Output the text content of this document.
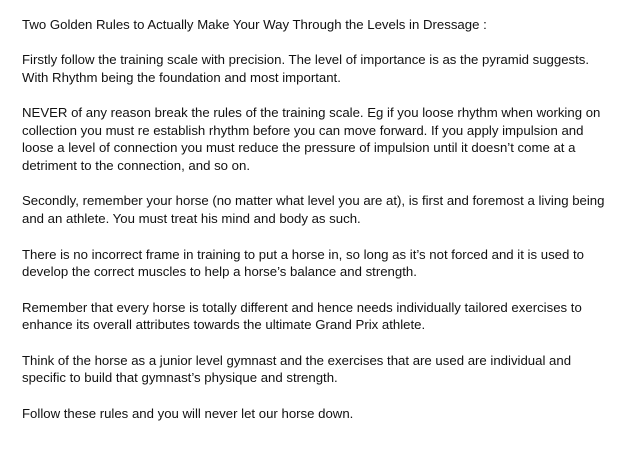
Two Golden Rules to Actually Make Your Way Through the Levels in Dressage :

Firstly follow the training scale with precision. The level of importance is as the pyramid suggests. With Rhythm being the foundation and most important.

NEVER of any reason break the rules of the training scale. Eg if you loose rhythm when working on collection you must re establish rhythm before you can move forward. If you apply impulsion and loose a level of connection you must reduce the pressure of impulsion until it doesn’t come at a detriment to the connection, and so on.

Secondly, remember your horse (no matter what level you are at), is first and foremost a living being and an athlete. You must treat his mind and body as such.

There is no incorrect frame in training to put a horse in, so long as it’s not forced and it is used to develop the correct muscles to help a horse’s balance and strength.

Remember that every horse is totally different and hence needs individually tailored exercises to enhance its overall attributes towards the ultimate Grand Prix athlete.

Think of the horse as a junior level gymnast and the exercises that are used are individual and specific to build that gymnast’s physique and strength.

Follow these rules and you will never let our horse down.
